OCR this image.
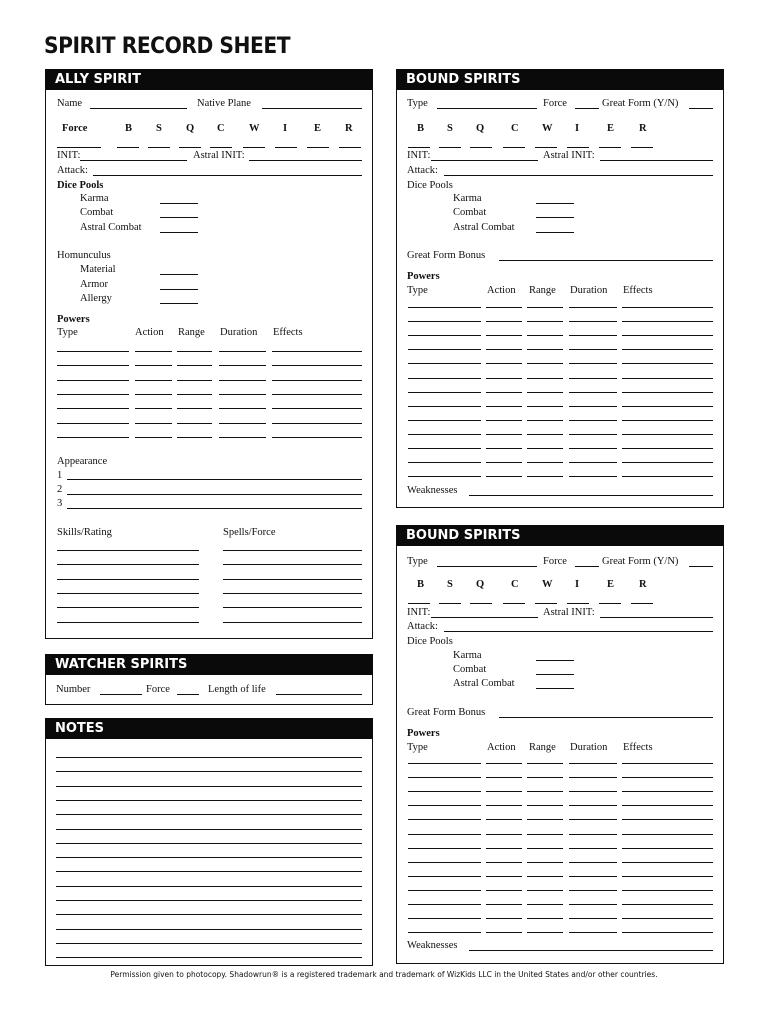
SPIRIT RECORD SHEET
ALLY SPIRIT
Name	Native Plane
Force	B S Q C W I	E R
INIT:	Astral INIT:
Attack:
Dice Pools
Karma
Combat
Astral Combat
Homunculus
Material
Armor
Allergy
Powers
Type	Action Range Duration Effects
Appearance
1
2
3
Skills/Rating	Spells/Force
WATCHER SPIRITS
Number	Force	Length of life
NOTES
BOUND SPIRITS
Type	Force	Great Form (Y/N)
B S Q	C W I	E R
INIT:	Astral INIT:
Attack:
Dice Pools
Karma
Combat
Astral Combat
Great Form Bonus
Powers
Type	Action Range Duration Effects
Weaknesses
BOUND SPIRITS
Type	Force	Great Form (Y/N)
B S Q	C W I	E R
INIT:	Astral INIT:
Attack:
Dice Pools
Karma
Combat
Astral Combat
Great Form Bonus
Powers
Type	Action Range Duration Effects
Weaknesses
Permission given to photocopy. Shadowrun® is a registered trademark and trademark of WizKids LLC in the United States and/or other countries.
